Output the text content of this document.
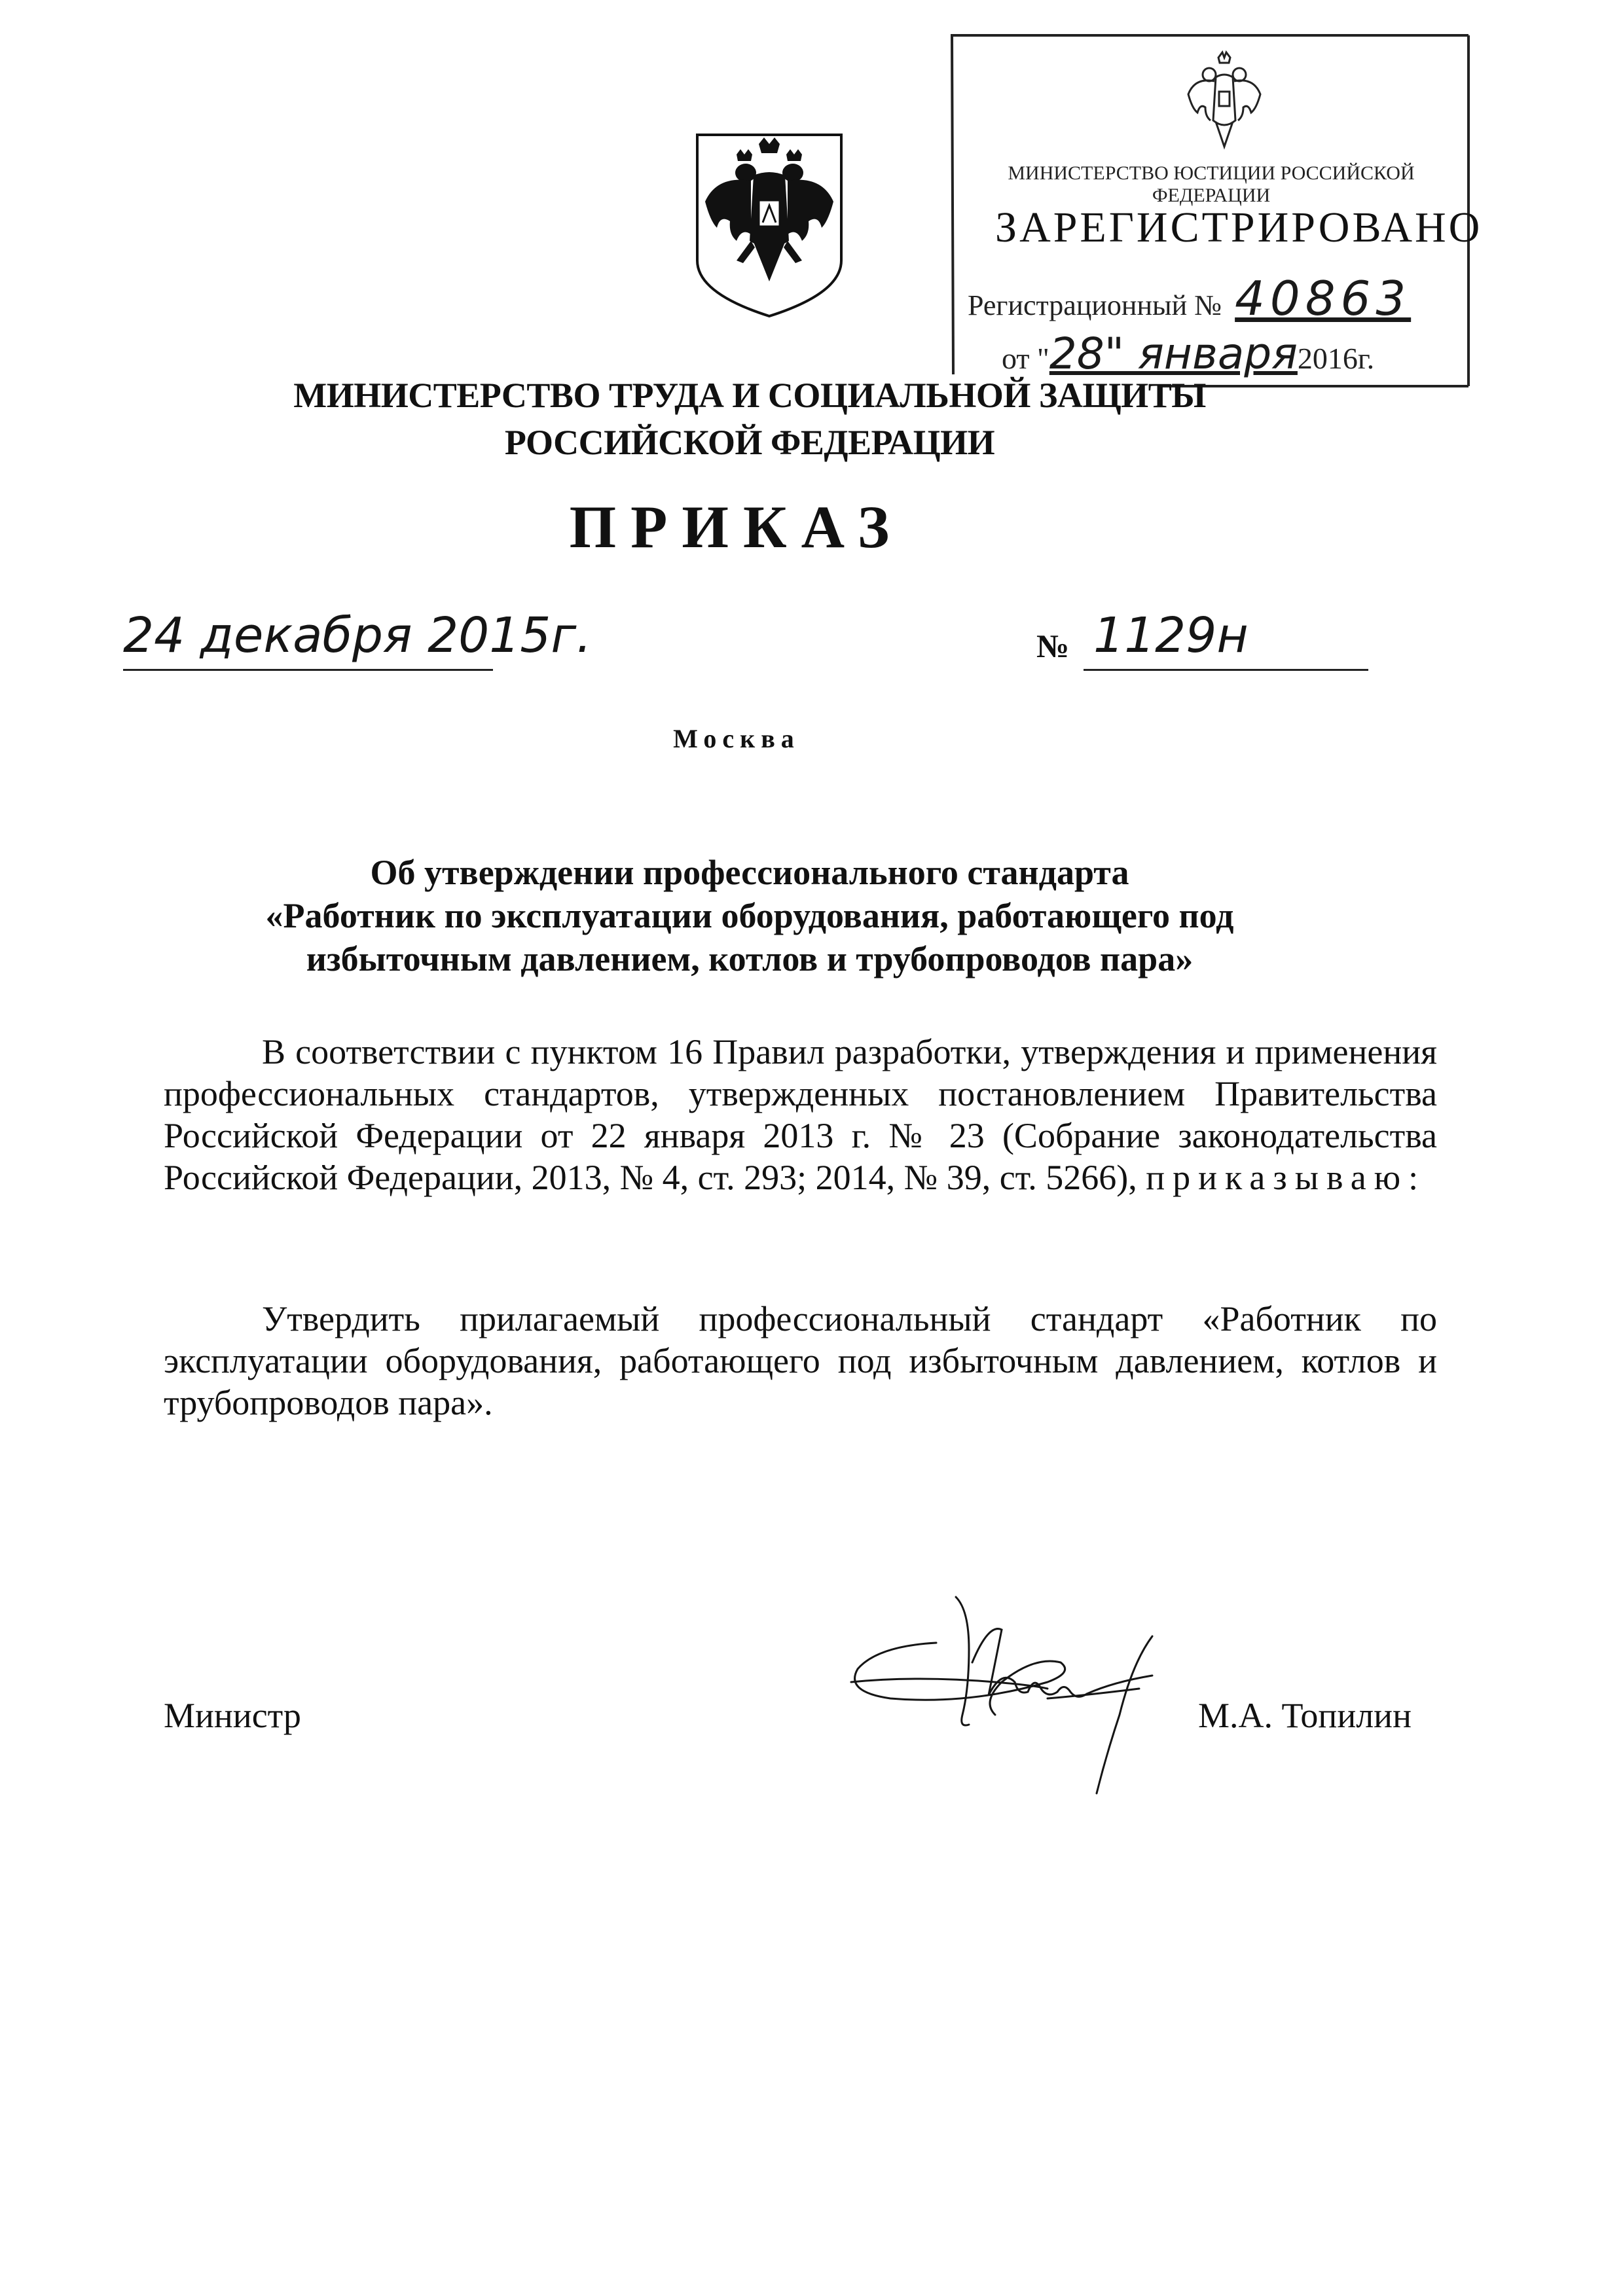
МИНИСТЕРСТВО ЮСТИЦИИ РОССИЙСКОЙ ФЕДЕРАЦИИ
ЗАРЕГИСТРИРОВАНО
Регистрационный № 40863
от "28" января2016г.
МИНИСТЕРСТВО ТРУДА И СОЦИАЛЬНОЙ ЗАЩИТЫ
РОССИЙСКОЙ ФЕДЕРАЦИИ
ПРИКАЗ
24 декабря 2015г.	№ 1129н
Москва
Об утверждении профессионального стандарта
«Работник по эксплуатации оборудования, работающего под
избыточным давлением, котлов и трубопроводов пара»
В соответствии с пунктом 16 Правил разработки, утверждения и применения профессиональных стандартов, утвержденных постановлением Правительства Российской Федерации от 22 января 2013 г. № 23 (Собрание законодательства Российской Федерации, 2013, № 4, ст. 293; 2014, № 39, ст. 5266), приказываю:
Утвердить прилагаемый профессиональный стандарт «Работник по эксплуатации оборудования, работающего под избыточным давлением, котлов и трубопроводов пара».
Министр	М.А. Топилин
